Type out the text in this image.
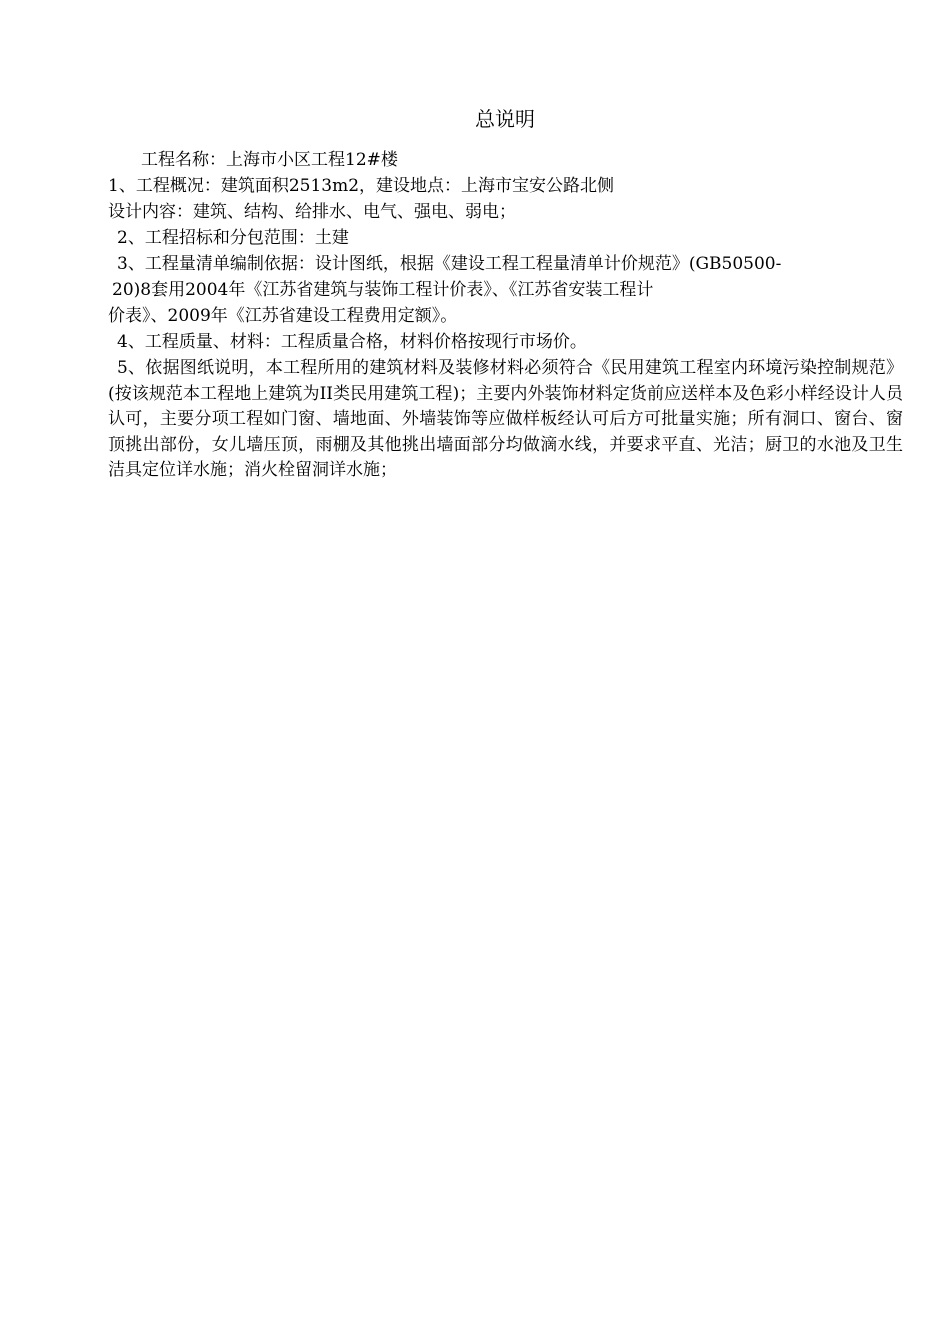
总说明
工程名称：上海市小区工程12#楼
1、工程概况：建筑面积2513m2，建设地点：上海市宝安公路北侧
设计内容：建筑、结构、给排水、电气、强电、弱电；
2、工程招标和分包范围：土建
3、工程量清单编制依据：设计图纸，根据《建设工程工程量清单计价规范》(GB50500-
20)8套用2004年《江苏省建筑与装饰工程计价表》、《江苏省安装工程计
价表》、2009年《江苏省建设工程费用定额》。
4、工程质量、材料：工程质量合格，材料价格按现行市场价。
5、依据图纸说明，本工程所用的建筑材料及装修材料必须符合《民用建筑工程室内环境污染控制规范》(按该规范本工程地上建筑为II类民用建筑工程)；主要内外装饰材料定货前应送样本及色彩小样经设计人员认可，主要分项工程如门窗、墙地面、外墙装饰等应做样板经认可后方可批量实施；所有洞口、窗台、窗顶挑出部份，女儿墙压顶，雨棚及其他挑出墙面部分均做滴水线，并要求平直、光洁；厨卫的水池及卫生洁具定位详水施；消火栓留洞详水施；
